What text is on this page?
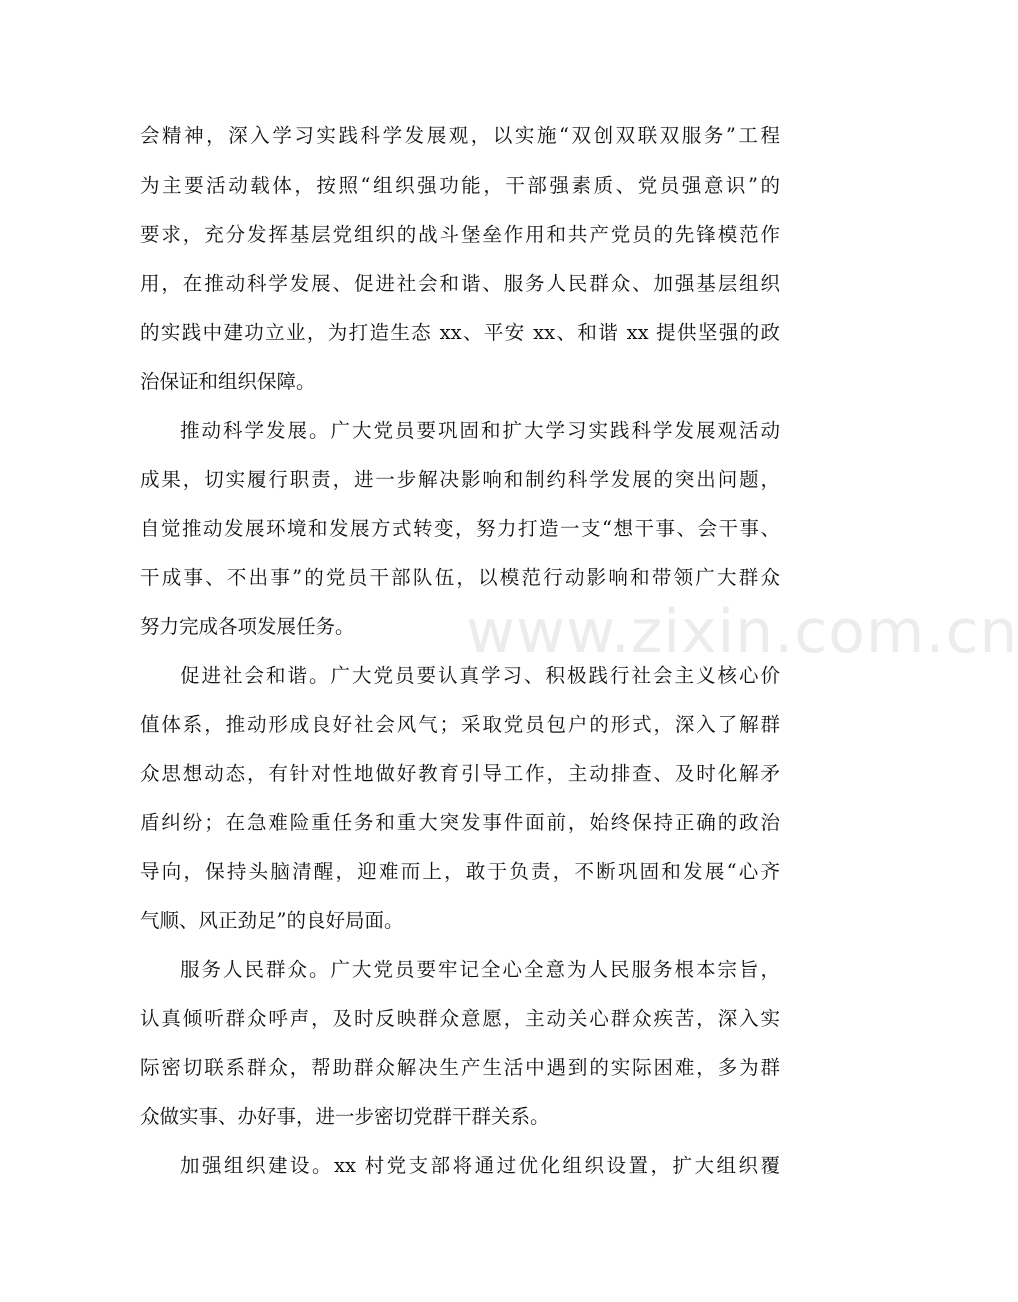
会精神，深入学习实践科学发展观，以实施“双创双联双服务”工程

为主要活动载体，按照“组织强功能，干部强素质、党员强意识”的

要求，充分发挥基层党组织的战斗堡垒作用和共产党员的先锋模范作

用，在推动科学发展、促进社会和谐、服务人民群众、加强基层组织

的实践中建功立业，为打造生态 xx、平安 xx、和谐 xx 提供坚强的政

治保证和组织保障。

推动科学发展。广大党员要巩固和扩大学习实践科学发展观活动

成果，切实履行职责，进一步解决影响和制约科学发展的突出问题，

自觉推动发展环境和发展方式转变，努力打造一支“想干事、会干事、

干成事、不出事”的党员干部队伍，以模范行动影响和带领广大群众

努力完成各项发展任务。

促进社会和谐。广大党员要认真学习、积极践行社会主义核心价

值体系，推动形成良好社会风气；采取党员包户的形式，深入了解群

众思想动态，有针对性地做好教育引导工作，主动排查、及时化解矛

盾纠纷；在急难险重任务和重大突发事件面前，始终保持正确的政治

导向，保持头脑清醒，迎难而上，敢于负责，不断巩固和发展“心齐

气顺、风正劲足”的良好局面。

服务人民群众。广大党员要牢记全心全意为人民服务根本宗旨，

认真倾听群众呼声，及时反映群众意愿，主动关心群众疾苦，深入实

际密切联系群众，帮助群众解决生产生活中遇到的实际困难，多为群

众做实事、办好事，进一步密切党群干群关系。

加强组织建设。xx 村党支部将通过优化组织设置，扩大组织覆

www.zixin.com.cn
